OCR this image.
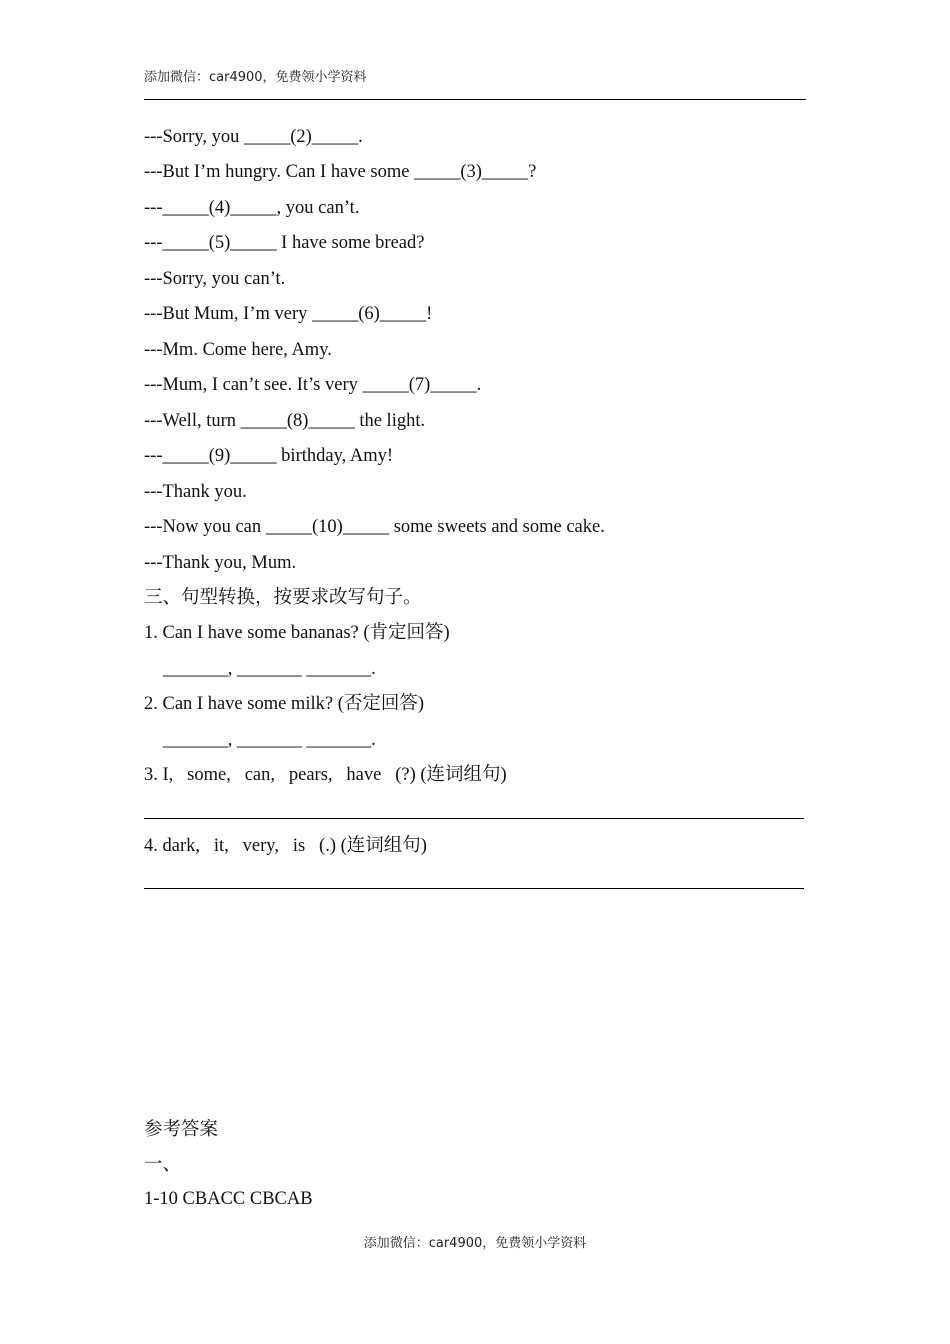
添加微信：car4900，免费领小学资料
---Sorry, you _____(2)_____.
---But I’m hungry. Can I have some _____(3)_____?
---_____(4)_____, you can’t.
---_____(5)_____ I have some bread?
---Sorry, you can’t.
---But Mum, I’m very _____(6)_____!
---Mm. Come here, Amy.
---Mum, I can’t see. It’s very _____(7)_____.
---Well, turn _____(8)_____ the light.
---_____(9)_____ birthday, Amy!
---Thank you.
---Now you can _____(10)_____ some sweets and some cake.
---Thank you, Mum.
三、句型转换，按要求改写句子。
1. Can I have some bananas? (肯定回答)
_______, _______ _______.
2. Can I have some milk? (否定回答)
_______, _______ _______.
3. I,   some,   can,   pears,   have   (?) (连词组句)
4. dark,   it,   very,   is   (.) (连词组句)
参考答案
一、
1-10 CBACC CBCAB
添加微信：car4900，免费领小学资料
